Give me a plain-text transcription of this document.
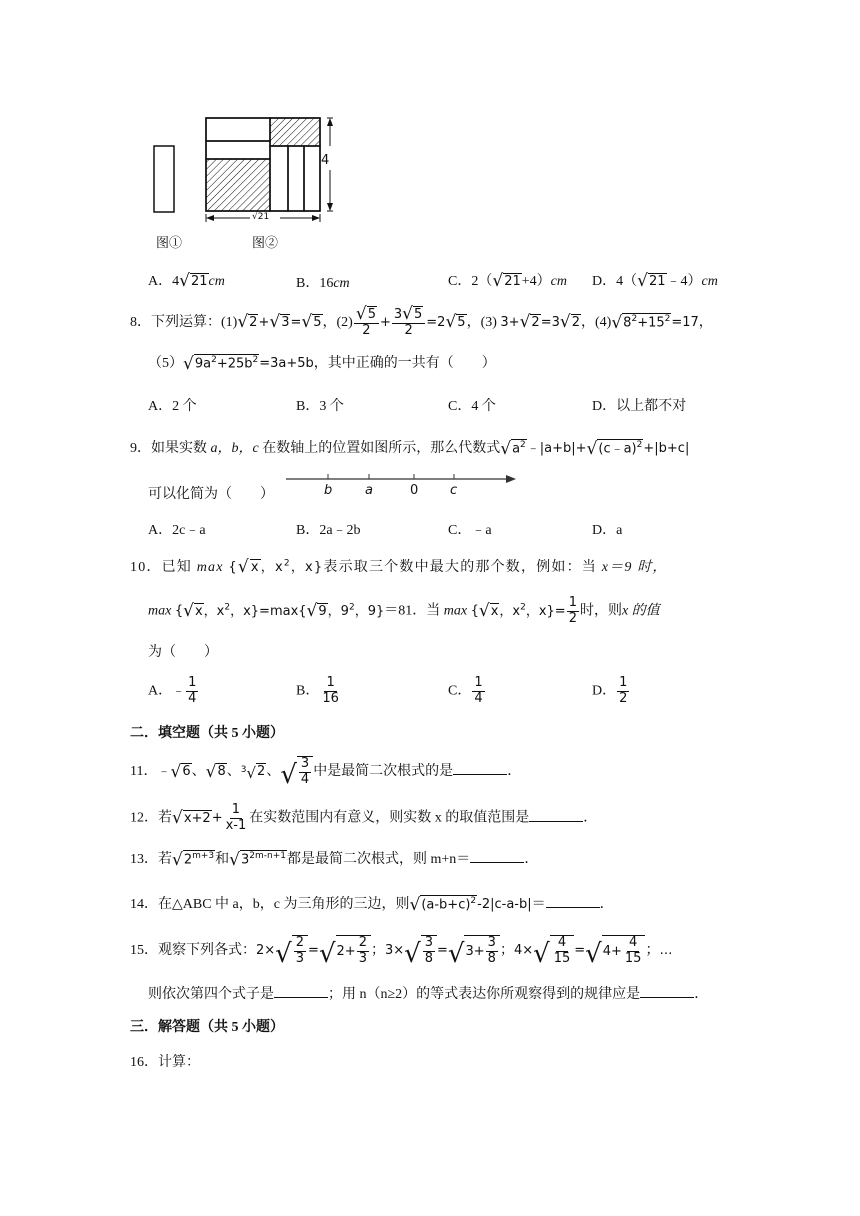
4
√21
图①	图②
A．4 √ 21 cm	B．16cm	C．2（ √ 21 +4）cm D．4（ √ 21 ﹣4）cm
8．下列运算：(1) √ 2 + √ 3 = √ 5 ，$(2) \frac{√ 5}{2} + \frac{3 √ 5}{2} =2$ √ 5 ，(3) 3+ √ 2 =3 √ 2 ，(4) √ $8^2+15^2 =17$，
（5） √ $9a^2+25b^2 =3a+5b$，其中正确的一共有（　　）
A．2 个	B．3 个	C．4 个	D．以上都不对
9．如果实数 a，b，c 在数轴上的位置如图所示，那么代数式 √ $a^2$ ﹣|a+b|+ √ (c﹣a)$^2$ +|b+c|
可以化简为（　　）	b	a	0 c
A．2c﹣a	B．2a﹣2b	C．﹣a	D．a
10．已知 max { √ x ，$x^2$，x}表示取三个数中最大的那个数，例如：当 x＝9 时，
max { √ x ，$x^2$，x}=max{ √ 9 ，$9^2$，9}＝81．当 max { √ x ，$x^2$，$x\}= \frac{1}{2}$ 时，则x 的值
为（　　）
A．﹣ $\frac{1}{4}$	B． $\frac{1}{16}$	C． $\frac{1}{4}$	D． $\frac{1}{2}$
二．填空题（共 5 小题）
11．﹣ √ 6 、 √ 8 、 $^3$√ 2 、 √ $\frac{3}{4}$ 中是最简二次根式的是	．
12．若 √ $x+2 + \frac{1}{x-1}$ 在实数范围内有意义，则实数 x 的取值范围是	．
13．若 √ $2^{m+3}$ 和 √ $3^{2m-n+1}$ 都是最简二次根式，则 m+n＝	．
14．在△ABC 中 a，b，c 为三角形的三边，则 √ $(a-b+c)^2$ -2|c-a-b|＝	．
15．观察下列各式：2× √ $\frac{2}{3}$ = √ $2+ \frac{2}{3}$ ；3× √ $\frac{3}{8}$ = √ $3+ \frac{3}{8}$ ；4× √ $\frac{4}{15}$ = √ $4+ \frac{4}{15}$ ；…
则依次第四个式子是	；用 n（n≥2）的等式表达你所观察得到的规律应是	．
三．解答题（共 5 小题）
16．计算：
